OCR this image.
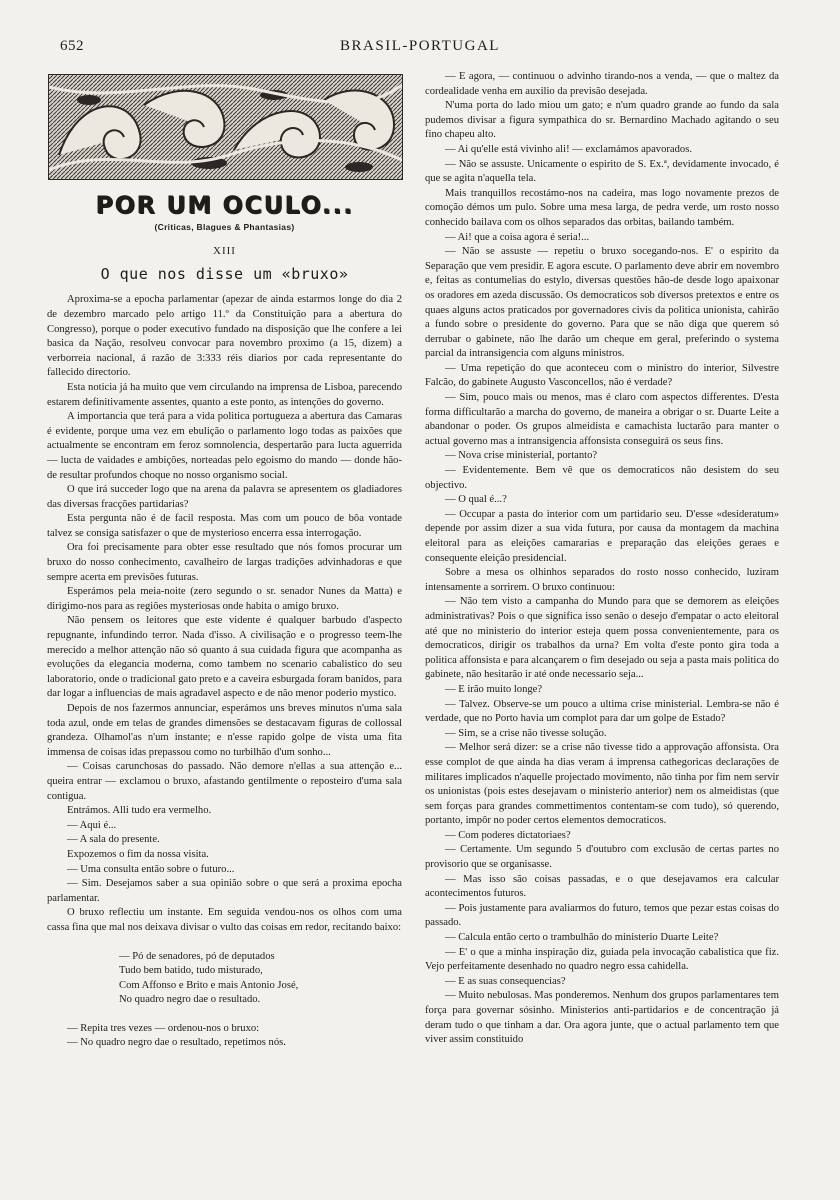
652	BRASIL-PORTUGAL
POR UM OCULO...
(Criticas, Blagues & Phantasias)
XIII
O que nos disse um «bruxo»

Aproxima-se a epocha parlamentar (apezar de ainda estarmos longe do dia 2 de dezembro marcado pelo artigo 11.º da Constituição para a abertura do Congresso), porque o poder executivo fundado na disposição que lhe confere a lei basica da Nação, resolveu convocar para novembro proximo (a 15, dizem) a verborreia nacional, á razão de 3:333 réis diarios por cada representante do fallecido directorio.

Esta noticia já ha muito que vem circulando na imprensa de Lisboa, parecendo estarem definitivamente assentes, quanto a este ponto, as intenções do governo.

A importancia que terá para a vida politica portugueza a abertura das Camaras é evidente, porque uma vez em ebulição o parlamento logo todas as paixões que actualmente se encontram em feroz somnolencia, despertarão para lucta aguerrida — lucta de vaidades e ambições, norteadas pelo egoismo do mando — donde hão-de resultar profundos choque no nosso organismo social.

O que irá succeder logo que na arena da palavra se apresentem os gladiadores das diversas fracções partidarias?

Esta pergunta não é de facil resposta. Mas com um pouco de bôa vontade talvez se consiga satisfazer o que de mysterioso encerra essa interrogação.

Ora foi precisamente para obter esse resultado que nós fomos procurar um bruxo do nosso conhecimento, cavalheiro de largas tradições advinhadoras e que sempre acerta em previsões futuras.

Esperámos pela meia-noite (zero segundo o sr. senador Nunes da Matta) e dirigimo-nos para as regiões mysteriosas onde habita o amigo bruxo.

Não pensem os leitores que este vidente é qualquer barbudo d'aspecto repugnante, infundindo terror. Nada d'isso. A civilisação e o progresso teem-lhe merecido a melhor attenção não só quanto á sua cuidada figura que acompanha as evoluções da elegancia moderna, como tambem no scenario cabalistico do seu laboratorio, onde o tradicional gato preto e a caveira esburgada foram banidos, para dar logar a influencias de mais agradavel aspecto e de não menor poderio mystico.

Depois de nos fazermos annunciar, esperámos uns breves minutos n'uma sala toda azul, onde em telas de grandes dimensões se destacavam figuras de collossal grandeza. Olhamol'as n'um instante; e n'esse rapido golpe de vista uma fita immensa de coisas idas prepassou como no turbilhão d'um sonho...

— Coisas carunchosas do passado. Não demore n'ellas a sua attenção e... queira entrar — exclamou o bruxo, afastando gentilmente o reposteiro d'uma sala contigua.

Entrámos. Alli tudo era vermelho.

— Aqui é...

— A sala do presente.

Expozemos o fim da nossa visita.

— Uma consulta então sobre o futuro...

— Sim. Desejamos saber a sua opinião sobre o que será a proxima epocha parlamentar.

O bruxo reflectiu um instante. Em seguida vendou-nos os olhos com uma cassa fina que mal nos deixava divisar o vulto das coisas em redor, recitando baixo:

— Pó de senadores, pó de deputados
Tudo bem batido, tudo misturado,
Com Affonso e Brito e mais Antonio José,
No quadro negro dae o resultado.

— Repita tres vezes — ordenou-nos o bruxo:

— No quadro negro dae o resultado, repetimos nós.

— E agora, — continuou o advinho tirando-nos a venda, — que o maltez da cordealidade venha em auxilio da previsão desejada.

N'uma porta do lado miou um gato; e n'um quadro grande ao fundo da sala pudemos divisar a figura sympathica do sr. Bernardino Machado agitando o seu fino chapeu alto.

— Ai qu'elle está vivinho ali! — exclamámos apavorados.

— Não se assuste. Unicamente o espirito de S. Ex.ª, devidamente invocado, é que se agita n'aquella tela.

Mais tranquillos recostámo-nos na cadeira, mas logo novamente prezos de comoção démos um pulo. Sobre uma mesa larga, de pedra verde, um rosto nosso conhecido bailava com os olhos separados das orbitas, bailando também.

— Ai! que a coisa agora é seria!...

— Não se assuste — repetiu o bruxo socegando-nos. E' o espirito da Separação que vem presidir. E agora escute. O parlamento deve abrir em novembro e, feitas as contumelias do estylo, diversas questões hão-de desde logo apaixonar os oradores em azeda discussão. Os democraticos sob diversos pretextos e entre os quaes alguns actos praticados por governadores civis da politica unionista, cahirão a fundo sobre o presidente do governo. Para que se não diga que querem só derrubar o gabinete, não lhe darão um cheque em geral, preferindo o systema parcial da intransigencia com alguns ministros.

— Uma repetição do que aconteceu com o ministro do interior, Silvestre Falcão, do gabinete Augusto Vasconcellos, não é verdade?

— Sim, pouco mais ou menos, mas é claro com aspectos differentes. D'esta forma difficultarão a marcha do governo, de maneira a obrigar o sr. Duarte Leite a abandonar o poder. Os grupos almeidista e camachista luctarão para manter o actual governo mas a intransigencia affonsista conseguirá os seus fins.

— Nova crise ministerial, portanto?

— Evidentemente. Bem vê que os democraticos não desistem do seu objectivo.

— O qual é...?

— Occupar a pasta do interior com um partidario seu. D'esse «desideratum» depende por assim dizer a sua vida futura, por causa da montagem da machina eleitoral para as eleições camararias e preparação das eleições geraes e consequente eleição presidencial.

Sobre a mesa os olhinhos separados do rosto nosso conhecido, luziram intensamente a sorrirem. O bruxo continuou:

— Não tem visto a campanha do Mundo para que se demorem as eleições administrativas? Pois o que significa isso senão o desejo d'empatar o acto eleitoral até que no ministerio do interior esteja quem possa convenientemente, para os democraticos, dirigir os trabalhos da urna? Em volta d'este ponto gira toda a politica affonsista e para alcançarem o fim desejado ou seja a pasta mais politica do gabinete, não hesitarão ir até onde necessario seja...

— E irão muito longe?

— Talvez. Observe-se um pouco a ultima crise ministerial. Lembra-se não é verdade, que no Porto havia um complot para dar um golpe de Estado?

— Sim, se a crise não tivesse solução.

— Melhor será dizer: se a crise não tivesse tido a approvação affonsista. Ora esse complot de que ainda ha dias veram á imprensa cathegoricas declarações de militares implicados n'aquelle projectado movimento, não tinha por fim nem servir os unionistas (pois estes desejavam o ministerio anterior) nem os almeidistas (que sem forças para grandes commettimentos contentam-se com tudo), só querendo, portanto, impôr no poder certos elementos democraticos.

— Com poderes dictatoriaes?

— Certamente. Um segundo 5 d'outubro com exclusão de certas partes no provisorio que se organisasse.

— Mas isso são coisas passadas, e o que desejavamos era calcular acontecimentos futuros.

— Pois justamente para avaliarmos do futuro, temos que pezar estas coisas do passado.

— Calcula então certo o trambulhão do ministerio Duarte Leite?

— E' o que a minha inspiração diz, guiada pela invocação cabalistica que fiz. Vejo perfeitamente desenhado no quadro negro essa cahidella.

— E as suas consequencias?

— Muito nebulosas. Mas ponderemos. Nenhum dos grupos parlamentares tem força para governar sósinho. Ministerios anti-partidarios e de concentração já deram tudo o que tinham a dar. Ora agora junte, que o actual parlamento tem que viver assim constituido
